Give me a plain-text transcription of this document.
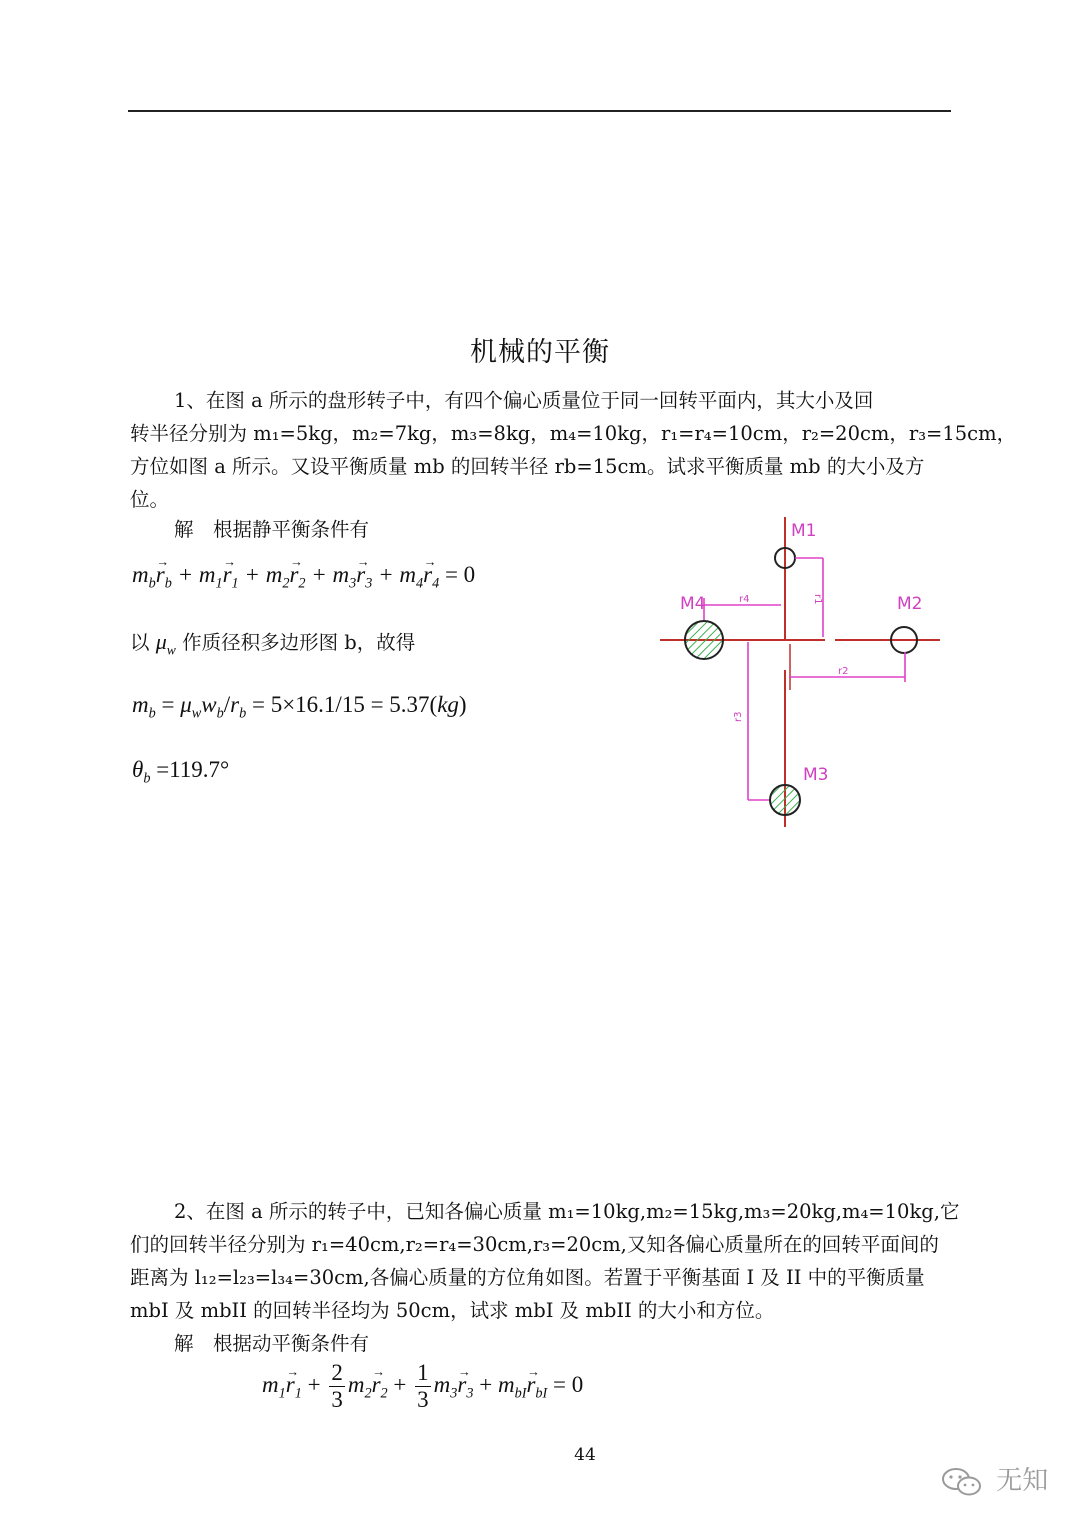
机械的平衡
1、在图 a 所示的盘形转子中，有四个偏心质量位于同一回转平面内，其大小及回
转半径分别为 m₁=5kg，m₂=7kg，m₃=8kg，m₄=10kg，r₁=r₄=10cm，r₂=20cm，r₃=15cm，
方位如图 a 所示。又设平衡质量 mb 的回转半径 rb=15cm。试求平衡质量 mb 的大小及方
位。
解　根据静平衡条件有
$m_b\to r_b + m_1\to r_1 + m_2\to r_2 + m_3\to r_3 + m_4\to r_4 = 0$
以 $\mu_w$ 作质径积多边形图 b，故得
$m_b = \mu_ww_b/r_b = 5\times 16.1/15 = 5.37(kg)$
$\theta_b =119.7^\circ$
M1
M2
M3
M4	r1
r2
r3
r4
2、在图 a 所示的转子中，已知各偏心质量 m₁=10kg,m₂=15kg,m₃=20kg,m₄=10kg,它
们的回转半径分别为 r₁=40cm,r₂=r₄=30cm,r₃=20cm,又知各偏心质量所在的回转平面间的
距离为 l₁₂=l₂₃=l₃₄=30cm,各偏心质量的方位角如图。若置于平衡基面 I 及 II 中的平衡质量
mbI 及 mbII 的回转半径均为 50cm，试求 mbI 及 mbII 的大小和方位。
解　根据动平衡条件有
$m_1\to r_1 + \frac{2}{3} m_2\to r_2 + \frac{1}{3} m_3\to r_3 + m_{bI}\to r_{bI} = 0$
44
无知
